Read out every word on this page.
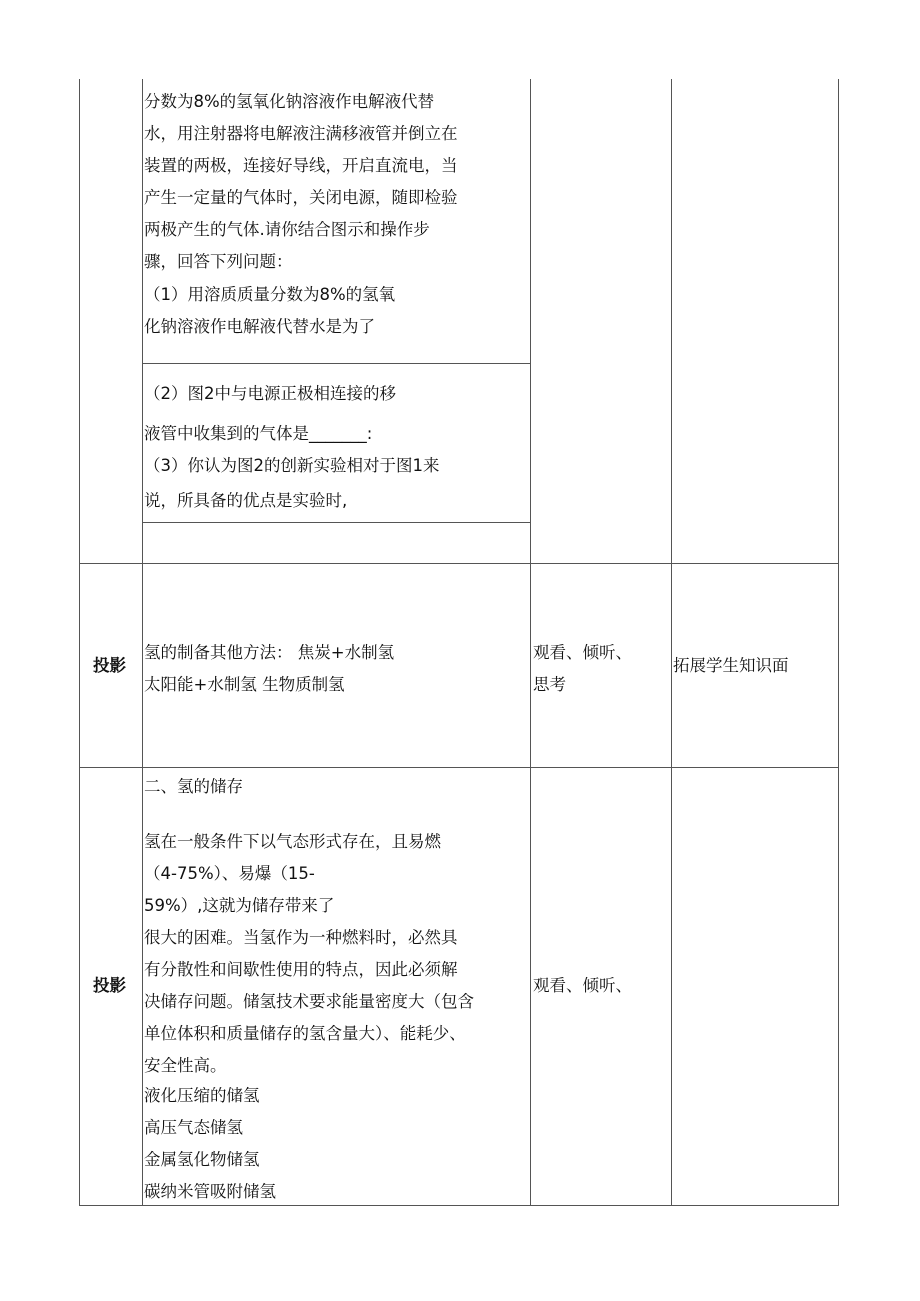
分数为8%的氢氧化钠溶液作电解液代替
水，用注射器将电解液注满移液管并倒立在
装置的两极，连接好导线，开启直流电，当
产生一定量的气体时，关闭电源，随即检验
两极产生的气体.请你结合图示和操作步
骤，回答下列问题：
（1）用溶质质量分数为8%的氢氧
化钠溶液作电解液代替水是为了
（2）图2中与电源正极相连接的移
液管中收集到的气体是_______:
（3）你认为图2的创新实验相对于图1来
说，所具备的优点是实验时,
投影
氢的制备其他方法： 焦炭+水制氢
太阳能+水制氢 生物质制氢
观看、倾听、
思考
拓展学生知识面
投影
二、氢的储存
氢在一般条件下以气态形式存在，且易燃
（4-75%）、易爆（15-
59%）,这就为储存带来了
很大的困难。当氢作为一种燃料时，必然具
有分散性和间歇性使用的特点，因此必须解
决储存问题。储氢技术要求能量密度大（包含
单位体积和质量储存的氢含量大）、能耗少、
安全性高。
液化压缩的储氢
高压气态储氢
金属氢化物储氢
碳纳米管吸附储氢
观看、倾听、
